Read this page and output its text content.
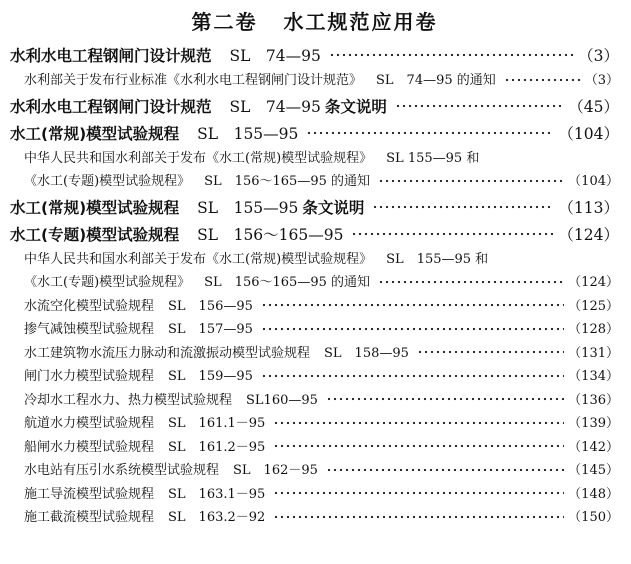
第二卷 水工规范应用卷
水利水电工程钢闸门设计规范 SL　74—95	（3）
水利部关于发布行业标准《水利水电工程钢闸门设计规范》 SL　74—95 的通知	（3）
水利水电工程钢闸门设计规范 SL　74—95 条文说明	（45）
水工(常规)模型试验规程 SL　155—95	（104）
中华人民共和国水利部关于发布《水工(常规)模型试验规程》 SL 155—95 和
《水工(专题)模型试验规程》 SL　156～165—95 的通知	（104）
水工(常规)模型试验规程 SL　155—95 条文说明	（113）
水工(专题)模型试验规程 SL　156～165—95	（124）
中华人民共和国水利部关于发布《水工(常规)模型试验规程》 SL　155—95 和
《水工(专题)模型试验规程》 SL　156～165—95 的通知	（124）
水流空化模型试验规程 SL　156—95	（125）
掺气减蚀模型试验规程 SL　157—95	（128）
水工建筑物水流压力脉动和流激振动模型试验规程 SL　158—95	（131）
闸门水力模型试验规程 SL　159—95	（134）
冷却水工程水力、热力模型试验规程 SL160—95	（136）
航道水力模型试验规程 SL　161.1－95	（139）
船闸水力模型试验规程 SL　161.2－95	（142）
水电站有压引水系统模型试验规程 SL　162－95	（145）
施工导流模型试验规程 SL　163.1－95	（148）
施工截流模型试验规程 SL　163.2－92	（150）
